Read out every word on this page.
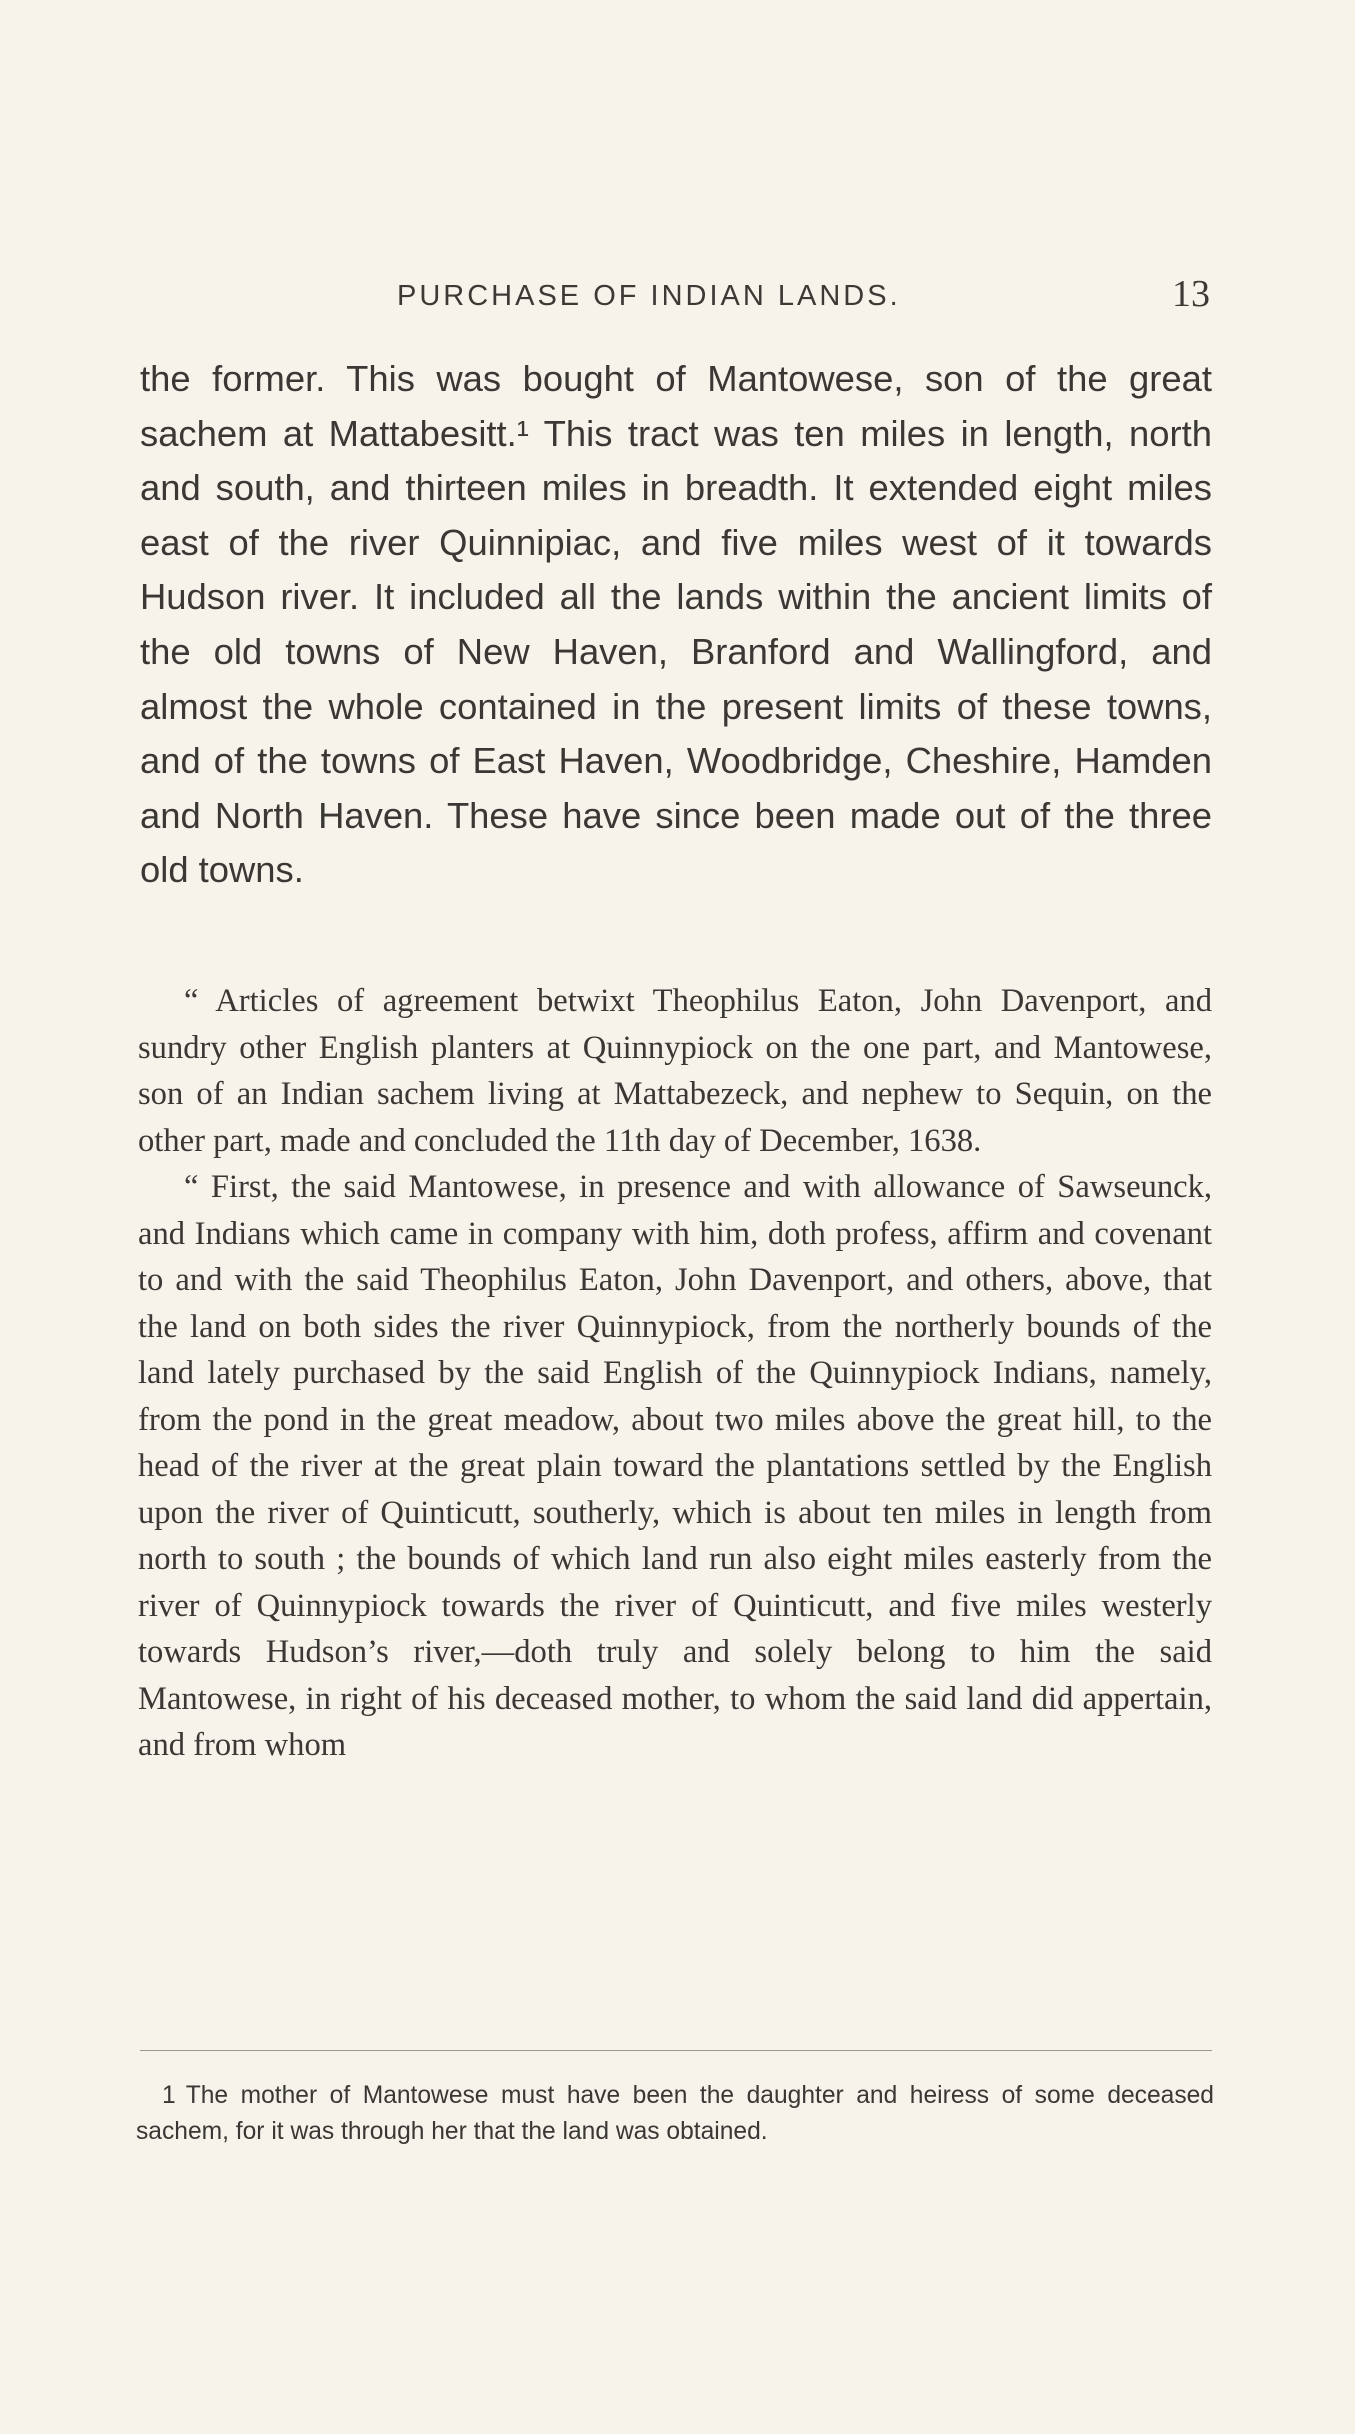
PURCHASE OF INDIAN LANDS.	13

the former. This was bought of Mantowese, son of the great sachem at Mattabesitt.¹ This tract was ten miles in length, north and south, and thirteen miles in breadth. It extended eight miles east of the river Quinnipiac, and five miles west of it towards Hudson river. It included all the lands within the ancient limits of the old towns of New Haven, Branford and Wallingford, and almost the whole contained in the present limits of these towns, and of the towns of East Haven, Woodbridge, Cheshire, Hamden and North Haven. These have since been made out of the three old towns.

“ Articles of agreement betwixt Theophilus Eaton, John Davenport, and sundry other English planters at Quinnypiock on the one part, and Mantowese, son of an Indian sachem living at Mattabezeck, and nephew to Sequin, on the other part, made and concluded the 11th day of December, 1638.

“ First, the said Mantowese, in presence and with allowance of Sawseunck, and Indians which came in company with him, doth profess, affirm and covenant to and with the said Theophilus Eaton, John Davenport, and others, above, that the land on both sides the river Quinnypiock, from the northerly bounds of the land lately purchased by the said English of the Quinnypiock Indians, namely, from the pond in the great meadow, about two miles above the great hill, to the head of the river at the great plain toward the plantations settled by the English upon the river of Quinticutt, southerly, which is about ten miles in length from north to south ; the bounds of which land run also eight miles easterly from the river of Quinnypiock towards the river of Quinticutt, and five miles westerly towards Hudson’s river,—doth truly and solely belong to him the said Mantowese, in right of his deceased mother, to whom the said land did appertain, and from whom

1 The mother of Mantowese must have been the daughter and heiress of some deceased sachem, for it was through her that the land was obtained.
